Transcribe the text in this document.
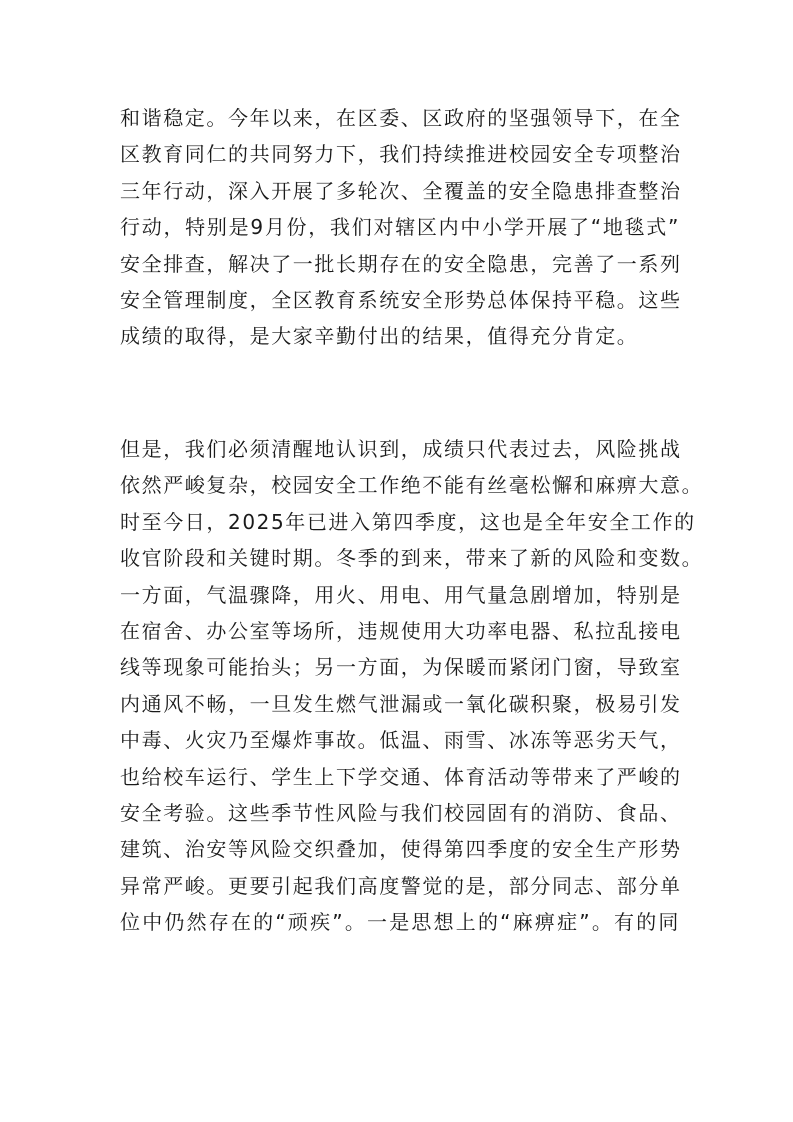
和谐稳定。今年以来，在区委、区政府的坚强领导下，在全
区教育同仁的共同努力下，我们持续推进校园安全专项整治
三年行动，深入开展了多轮次、全覆盖的安全隐患排查整治
行动，特别是9月份，我们对辖区内中小学开展了“地毯式”
安全排查，解决了一批长期存在的安全隐患，完善了一系列
安全管理制度，全区教育系统安全形势总体保持平稳。这些
成绩的取得，是大家辛勤付出的结果，值得充分肯定。
但是，我们必须清醒地认识到，成绩只代表过去，风险挑战
依然严峻复杂，校园安全工作绝不能有丝毫松懈和麻痹大意。
时至今日，2025年已进入第四季度，这也是全年安全工作的
收官阶段和关键时期。冬季的到来，带来了新的风险和变数。
一方面，气温骤降，用火、用电、用气量急剧增加，特别是
在宿舍、办公室等场所，违规使用大功率电器、私拉乱接电
线等现象可能抬头；另一方面，为保暖而紧闭门窗，导致室
内通风不畅，一旦发生燃气泄漏或一氧化碳积聚，极易引发
中毒、火灾乃至爆炸事故。低温、雨雪、冰冻等恶劣天气，
也给校车运行、学生上下学交通、体育活动等带来了严峻的
安全考验。这些季节性风险与我们校园固有的消防、食品、
建筑、治安等风险交织叠加，使得第四季度的安全生产形势
异常严峻。更要引起我们高度警觉的是，部分同志、部分单
位中仍然存在的“顽疾”。一是思想上的“麻痹症”。有的同
